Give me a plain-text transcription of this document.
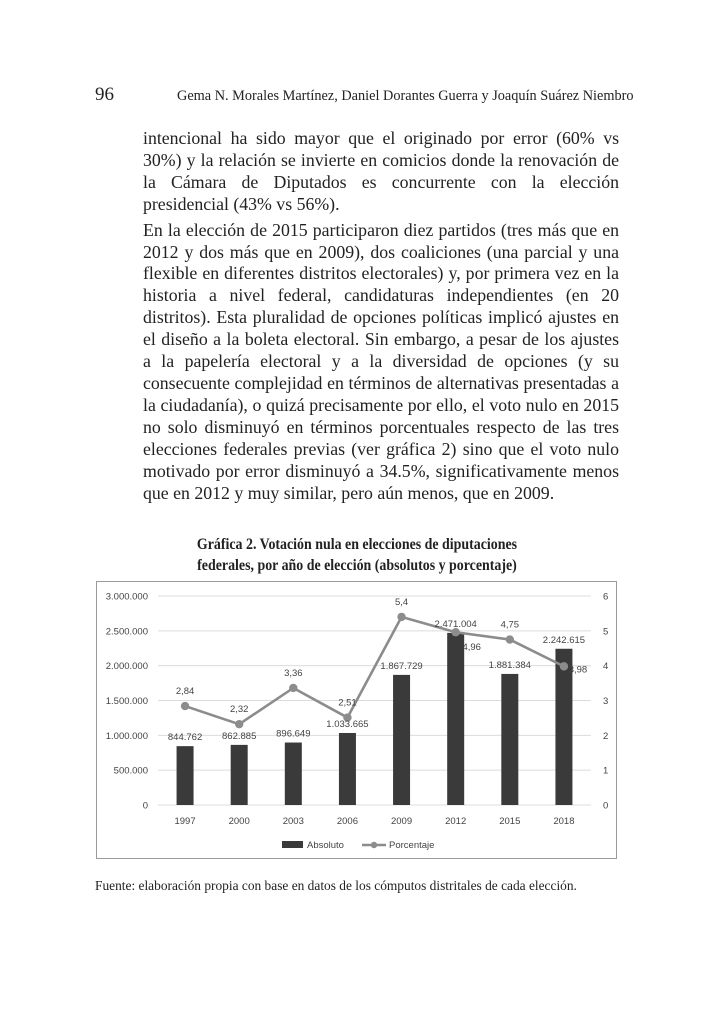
96	Gema N. Morales Martínez, Daniel Dorantes Guerra y Joaquín Suárez Niembro

intencional ha sido mayor que el originado por error (60% vs 30%) y la relación se invierte en comicios donde la renovación de la Cámara de Diputados es concurrente con la elección presidencial (43% vs 56%).

En la elección de 2015 participaron diez partidos (tres más que en 2012 y dos más que en 2009), dos coaliciones (una parcial y una flexible en diferentes distritos electorales) y, por primera vez en la historia a nivel federal, candidaturas independientes (en 20 distritos). Esta pluralidad de opciones políticas implicó ajustes en el diseño a la boleta electoral. Sin embargo, a pesar de los ajustes a la papelería electoral y a la diversidad de opciones (y su consecuente complejidad en términos de alternativas presentadas a la ciudadanía), o quizá precisamente por ello, el voto nulo en 2015 no solo disminuyó en términos porcentuales respecto de las tres elecciones federales previas (ver gráfica 2) sino que el voto nulo motivado por error disminuyó a 34.5%, significativamente menos que en 2012 y muy similar, pero aún menos, que en 2009.

Gráfica 2. Votación nula en elecciones de diputaciones
federales, por año de elección (absolutos y porcentaje)
0
500.000
1.000.000
1.500.000
2.000.000
2.500.000
3.000.000
0
1
2
3
4
5
6
1997	2000	2003	2006	2009	2012	2015	2018
844.762 862.885 896.649
1.033.665
1.867.729
2.471.004
1.881.384
2.242.615
2,84
2,32
3,36
2,51
5,4
4,96
4,75
3,98
Absoluto	Porcentaje
Fuente: elaboración propia con base en datos de los cómputos distritales de cada elección.
